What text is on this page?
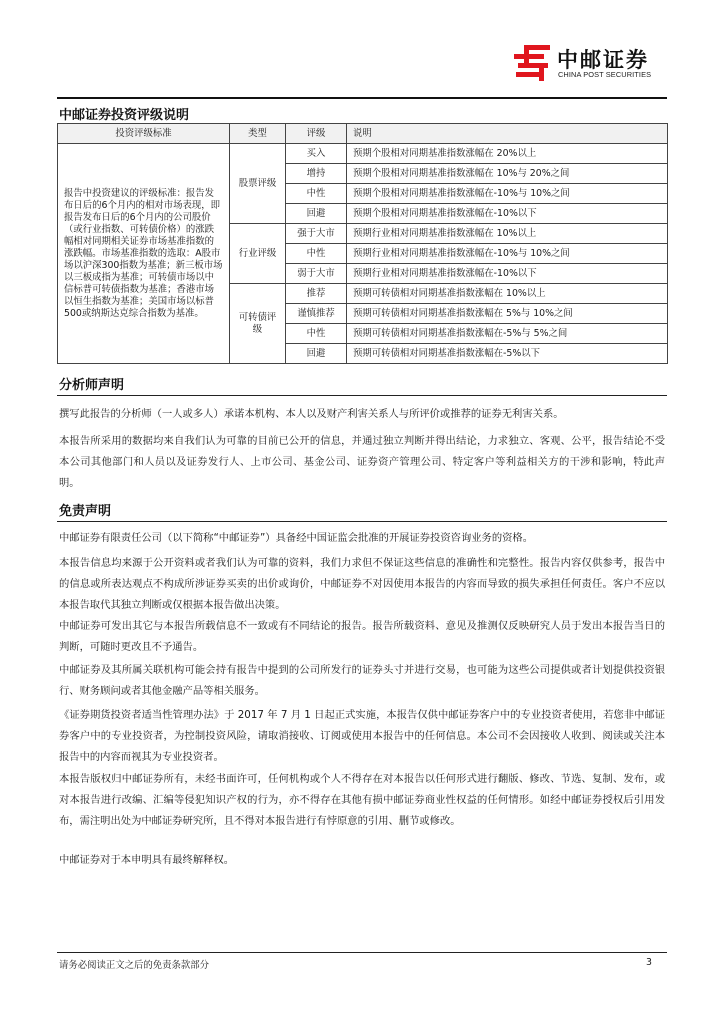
中邮证券
CHINA POST SECURITIES
中邮证券投资评级说明
投资评级标准	类型	评级	说明
报告中投资建议的评级标准：报告发布日后的6个月内的相对市场表现，即报告发布日后的6个月内的公司股价（或行业指数、可转债价格）的涨跌幅相对同期相关证券市场基准指数的涨跌幅。市场基准指数的选取：A股市场以沪深300指数为基准；新三板市场以三板成指为基准；可转债市场以中信标普可转债指数为基准；香港市场以恒生指数为基准；美国市场以标普500或纳斯达克综合指数为基准。	股票评级	买入	预期个股相对同期基准指数涨幅在 20%以上
		增持	预期个股相对同期基准指数涨幅在 10%与 20%之间
		中性	预期个股相对同期基准指数涨幅在-10%与 10%之间
		回避	预期个股相对同期基准指数涨幅在-10%以下
	行业评级	强于大市	预期行业相对同期基准指数涨幅在 10%以上
		中性	预期行业相对同期基准指数涨幅在-10%与 10%之间
		弱于大市	预期行业相对同期基准指数涨幅在-10%以下
	可转债评级	推荐	预期可转债相对同期基准指数涨幅在 10%以上
		谨慎推荐	预期可转债相对同期基准指数涨幅在 5%与 10%之间
		中性	预期可转债相对同期基准指数涨幅在-5%与 5%之间
		回避	预期可转债相对同期基准指数涨幅在-5%以下
分析师声明

撰写此报告的分析师（一人或多人）承诺本机构、本人以及财产利害关系人与所评价或推荐的证券无利害关系。

本报告所采用的数据均来自我们认为可靠的目前已公开的信息，并通过独立判断并得出结论，力求独立、客观、公平，报告结论不受本公司其他部门和人员以及证券发行人、上市公司、基金公司、证券资产管理公司、特定客户等利益相关方的干涉和影响，特此声明。

免责声明

中邮证券有限责任公司（以下简称“中邮证券”）具备经中国证监会批准的开展证券投资咨询业务的资格。

本报告信息均来源于公开资料或者我们认为可靠的资料，我们力求但不保证这些信息的准确性和完整性。报告内容仅供参考，报告中的信息或所表达观点不构成所涉证券买卖的出价或询价，中邮证券不对因使用本报告的内容而导致的损失承担任何责任。客户不应以本报告取代其独立判断或仅根据本报告做出决策。

中邮证券可发出其它与本报告所载信息不一致或有不同结论的报告。报告所载资料、意见及推测仅反映研究人员于发出本报告当日的判断，可随时更改且不予通告。

中邮证券及其所属关联机构可能会持有报告中提到的公司所发行的证券头寸并进行交易，也可能为这些公司提供或者计划提供投资银行、财务顾问或者其他金融产品等相关服务。

《证券期货投资者适当性管理办法》于 2017 年 7 月 1 日起正式实施，本报告仅供中邮证券客户中的专业投资者使用，若您非中邮证券客户中的专业投资者，为控制投资风险，请取消接收、订阅或使用本报告中的任何信息。本公司不会因接收人收到、阅读或关注本报告中的内容而视其为专业投资者。

本报告版权归中邮证券所有，未经书面许可，任何机构或个人不得存在对本报告以任何形式进行翻版、修改、节选、复制、发布，或对本报告进行改编、汇编等侵犯知识产权的行为，亦不得存在其他有损中邮证券商业性权益的任何情形。如经中邮证券授权后引用发布，需注明出处为中邮证券研究所，且不得对本报告进行有悖原意的引用、删节或修改。

中邮证券对于本申明具有最终解释权。

请务必阅读正文之后的免责条款部分	3
